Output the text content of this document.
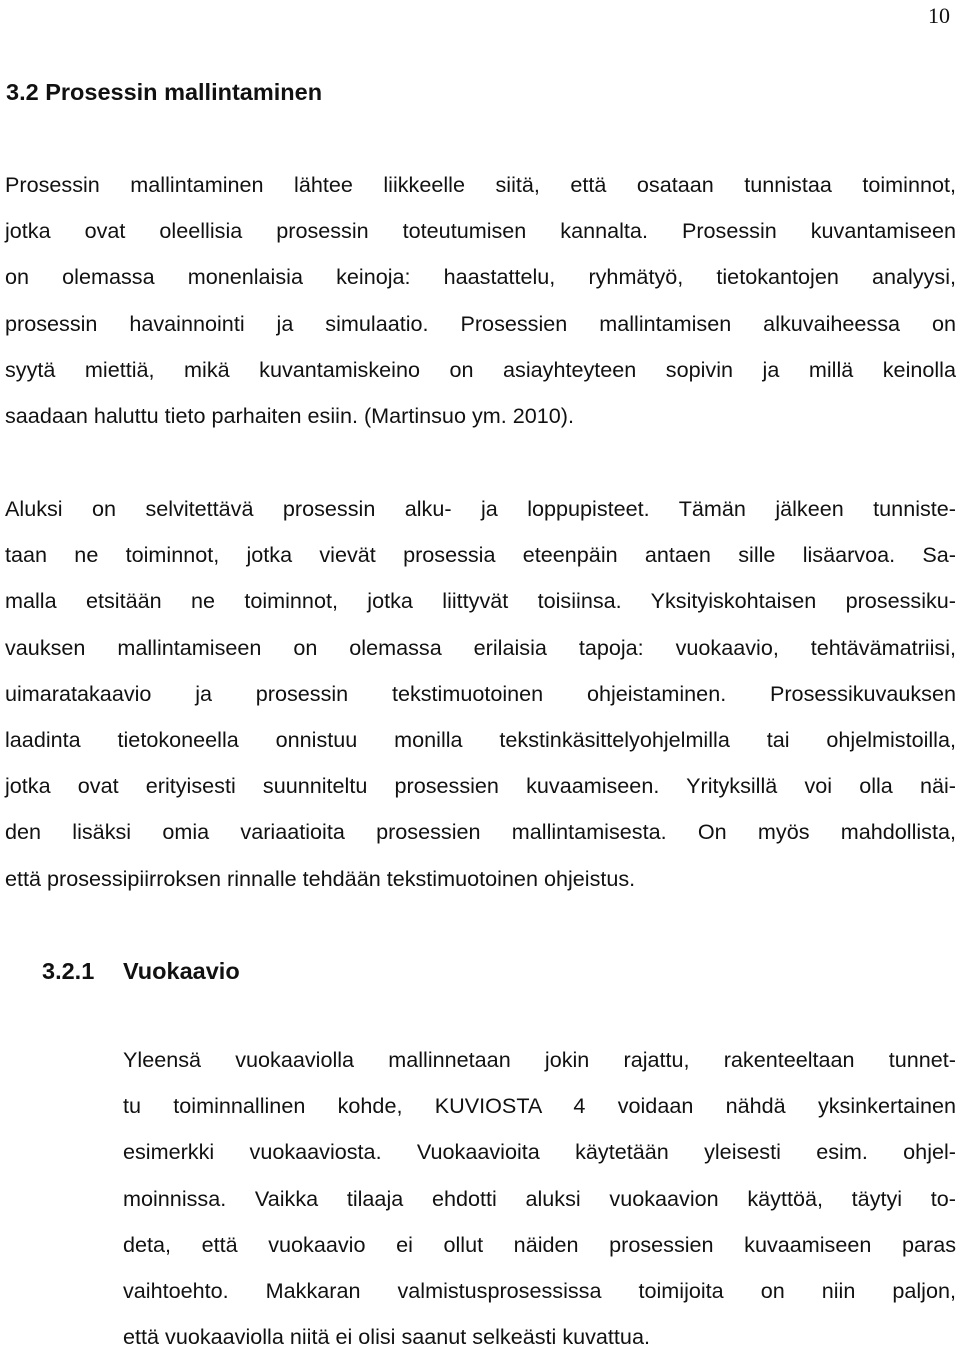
10
3.2 Prosessin mallintaminen
Prosessin mallintaminen lähtee liikkeelle siitä, että osataan tunnistaa toiminnot,
jotka ovat oleellisia prosessin toteutumisen kannalta. Prosessin kuvantamiseen
on olemassa monenlaisia keinoja: haastattelu, ryhmätyö, tietokantojen analyysi,
prosessin havainnointi ja simulaatio. Prosessien mallintamisen alkuvaiheessa on
syytä miettiä, mikä kuvantamiskeino on asiayhteyteen sopivin ja millä keinolla
saadaan haluttu tieto parhaiten esiin. (Martinsuo ym. 2010).
Aluksi on selvitettävä prosessin alku- ja loppupisteet. Tämän jälkeen tunniste-
taan ne toiminnot, jotka vievät prosessia eteenpäin antaen sille lisäarvoa. Sa-
malla etsitään ne toiminnot, jotka liittyvät toisiinsa. Yksityiskohtaisen prosessiku-
vauksen mallintamiseen on olemassa erilaisia tapoja: vuokaavio, tehtävämatriisi,
uimaratakaavio ja prosessin tekstimuotoinen ohjeistaminen. Prosessikuvauksen
laadinta tietokoneella onnistuu monilla tekstinkäsittelyohjelmilla tai ohjelmistoilla,
jotka ovat erityisesti suunniteltu prosessien kuvaamiseen. Yrityksillä voi olla näi-
den lisäksi omia variaatioita prosessien mallintamisesta. On myös mahdollista,
että prosessipiirroksen rinnalle tehdään tekstimuotoinen ohjeistus.
3.2.1 Vuokaavio
Yleensä vuokaaviolla mallinnetaan jokin rajattu, rakenteeltaan tunnet-
tu toiminnallinen kohde, KUVIOSTA 4 voidaan nähdä yksinkertainen
esimerkki vuokaaviosta. Vuokaavioita käytetään yleisesti esim. ohjel-
moinnissa. Vaikka tilaaja ehdotti aluksi vuokaavion käyttöä, täytyi to-
deta, että vuokaavio ei ollut näiden prosessien kuvaamiseen paras
vaihtoehto. Makkaran valmistusprosessissa toimijoita on niin paljon,
että vuokaaviolla niitä ei olisi saanut selkeästi kuvattua.
